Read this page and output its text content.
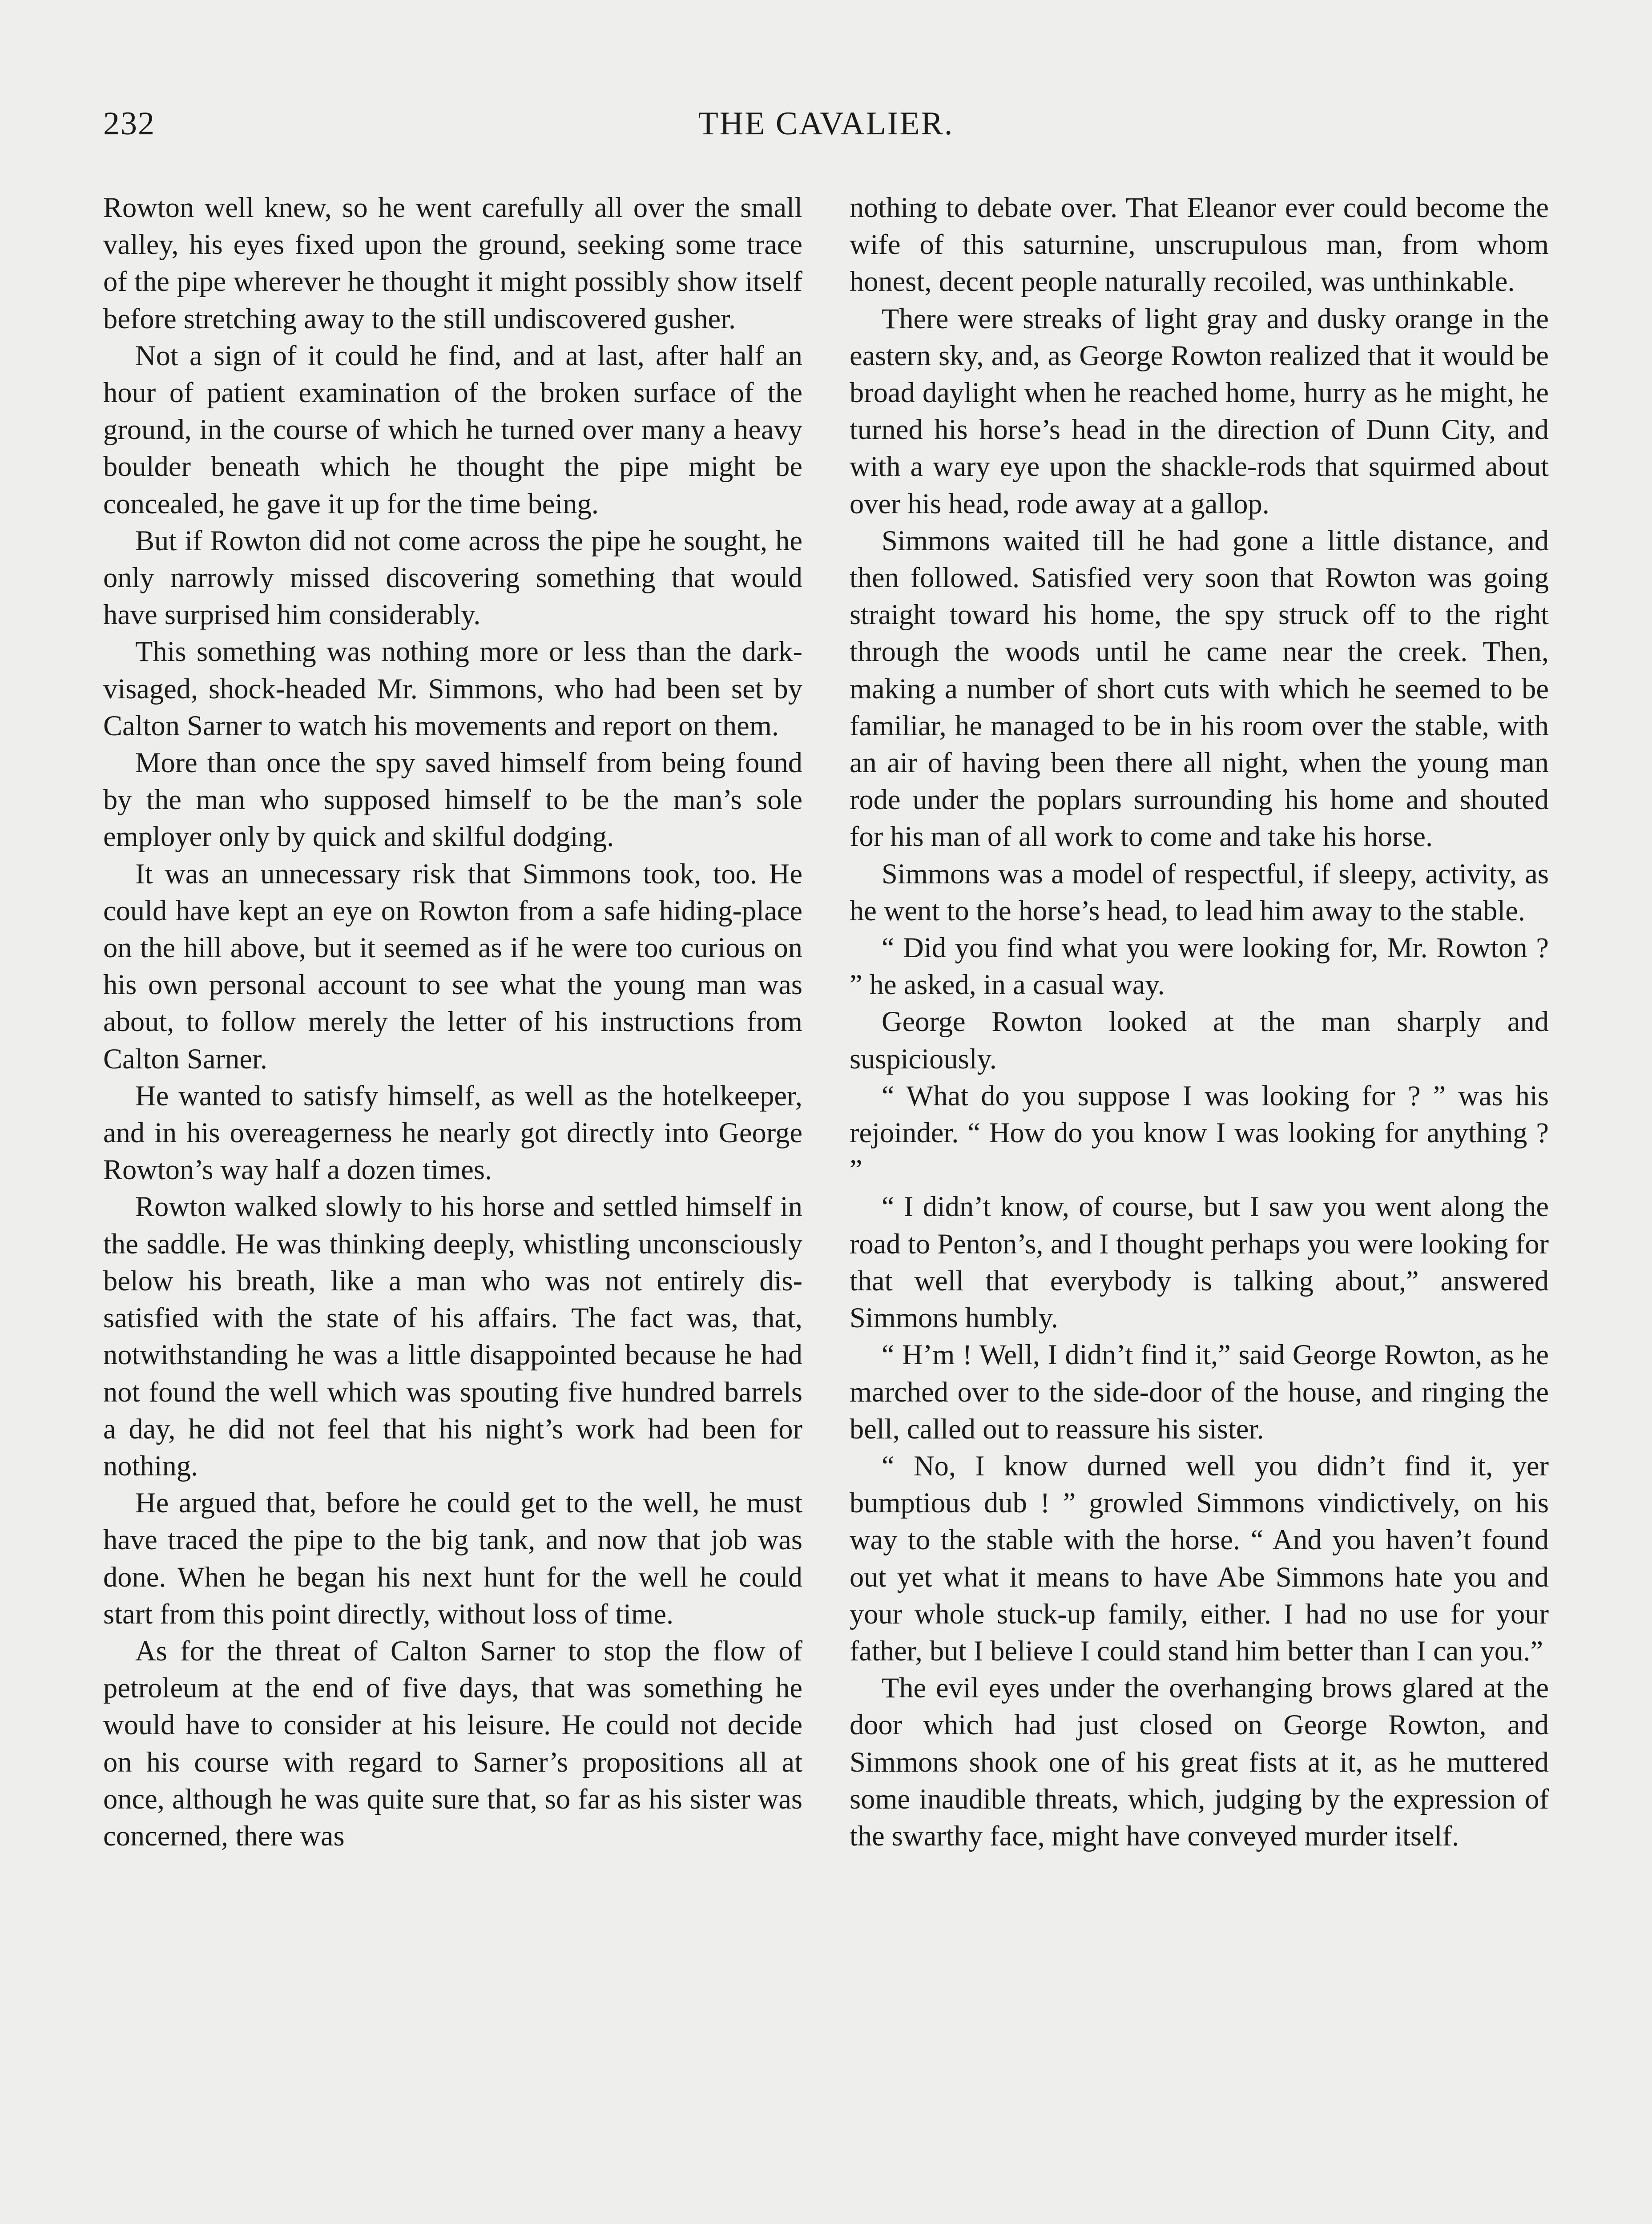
232	THE CAVALIER.

Rowton well knew, so he went carefully all over the small valley, his eyes fixed upon the ground, seeking some trace of the pipe wherever he thought it might possibly show itself before stretching away to the still undiscovered gusher.

Not a sign of it could he find, and at last, after half an hour of patient examination of the broken surface of the ground, in the course of which he turned over many a heavy boulder beneath which he thought the pipe might be concealed, he gave it up for the time being.

But if Rowton did not come across the pipe he sought, he only narrowly missed discovering something that would have surprised him considerably.

This something was nothing more or less than the dark-visaged, shock-headed Mr. Simmons, who had been set by Calton Sarner to watch his movements and report on them.

More than once the spy saved himself from being found by the man who supposed himself to be the man’s sole employer only by quick and skilful dodging.

It was an unnecessary risk that Simmons took, too. He could have kept an eye on Rowton from a safe hiding-place on the hill above, but it seemed as if he were too curious on his own personal account to see what the young man was about, to follow merely the letter of his instructions from Calton Sarner.

He wanted to satisfy himself, as well as the hotelkeeper, and in his overeagerness he nearly got directly into George Rowton’s way half a dozen times.

Rowton walked slowly to his horse and settled himself in the saddle. He was thinking deeply, whistling unconsciously below his breath, like a man who was not entirely dissatisfied with the state of his affairs. The fact was, that, notwithstanding he was a little disappointed because he had not found the well which was spouting five hundred barrels a day, he did not feel that his night’s work had been for nothing.

He argued that, before he could get to the well, he must have traced the pipe to the big tank, and now that job was done. When he began his next hunt for the well he could start from this point directly, without loss of time.

As for the threat of Calton Sarner to stop the flow of petroleum at the end of five days, that was something he would have to consider at his leisure. He could not decide on his course with regard to Sarner’s propositions all at once, although he was quite sure that, so far as his sister was concerned, there was

nothing to debate over. That Eleanor ever could become the wife of this saturnine, unscrupulous man, from whom honest, decent people naturally recoiled, was unthinkable.

There were streaks of light gray and dusky orange in the eastern sky, and, as George Rowton realized that it would be broad daylight when he reached home, hurry as he might, he turned his horse’s head in the direction of Dunn City, and with a wary eye upon the shackle-rods that squirmed about over his head, rode away at a gallop.

Simmons waited till he had gone a little distance, and then followed. Satisfied very soon that Rowton was going straight toward his home, the spy struck off to the right through the woods until he came near the creek. Then, making a number of short cuts with which he seemed to be familiar, he managed to be in his room over the stable, with an air of having been there all night, when the young man rode under the poplars surrounding his home and shouted for his man of all work to come and take his horse.

Simmons was a model of respectful, if sleepy, activity, as he went to the horse’s head, to lead him away to the stable.

“ Did you find what you were looking for, Mr. Rowton ? ” he asked, in a casual way.

George Rowton looked at the man sharply and suspiciously.

“ What do you suppose I was looking for ? ” was his rejoinder. “ How do you know I was looking for anything ? ”

“ I didn’t know, of course, but I saw you went along the road to Penton’s, and I thought perhaps you were looking for that well that everybody is talking about,” answered Simmons humbly.

“ H’m ! Well, I didn’t find it,” said George Rowton, as he marched over to the side-door of the house, and ringing the bell, called out to reassure his sister.

“ No, I know durned well you didn’t find it, yer bumptious dub ! ” growled Simmons vindictively, on his way to the stable with the horse. “ And you haven’t found out yet what it means to have Abe Simmons hate you and your whole stuck-up family, either. I had no use for your father, but I believe I could stand him better than I can you.”

The evil eyes under the overhanging brows glared at the door which had just closed on George Rowton, and Simmons shook one of his great fists at it, as he muttered some inaudible threats, which, judging by the expression of the swarthy face, might have conveyed murder itself.
